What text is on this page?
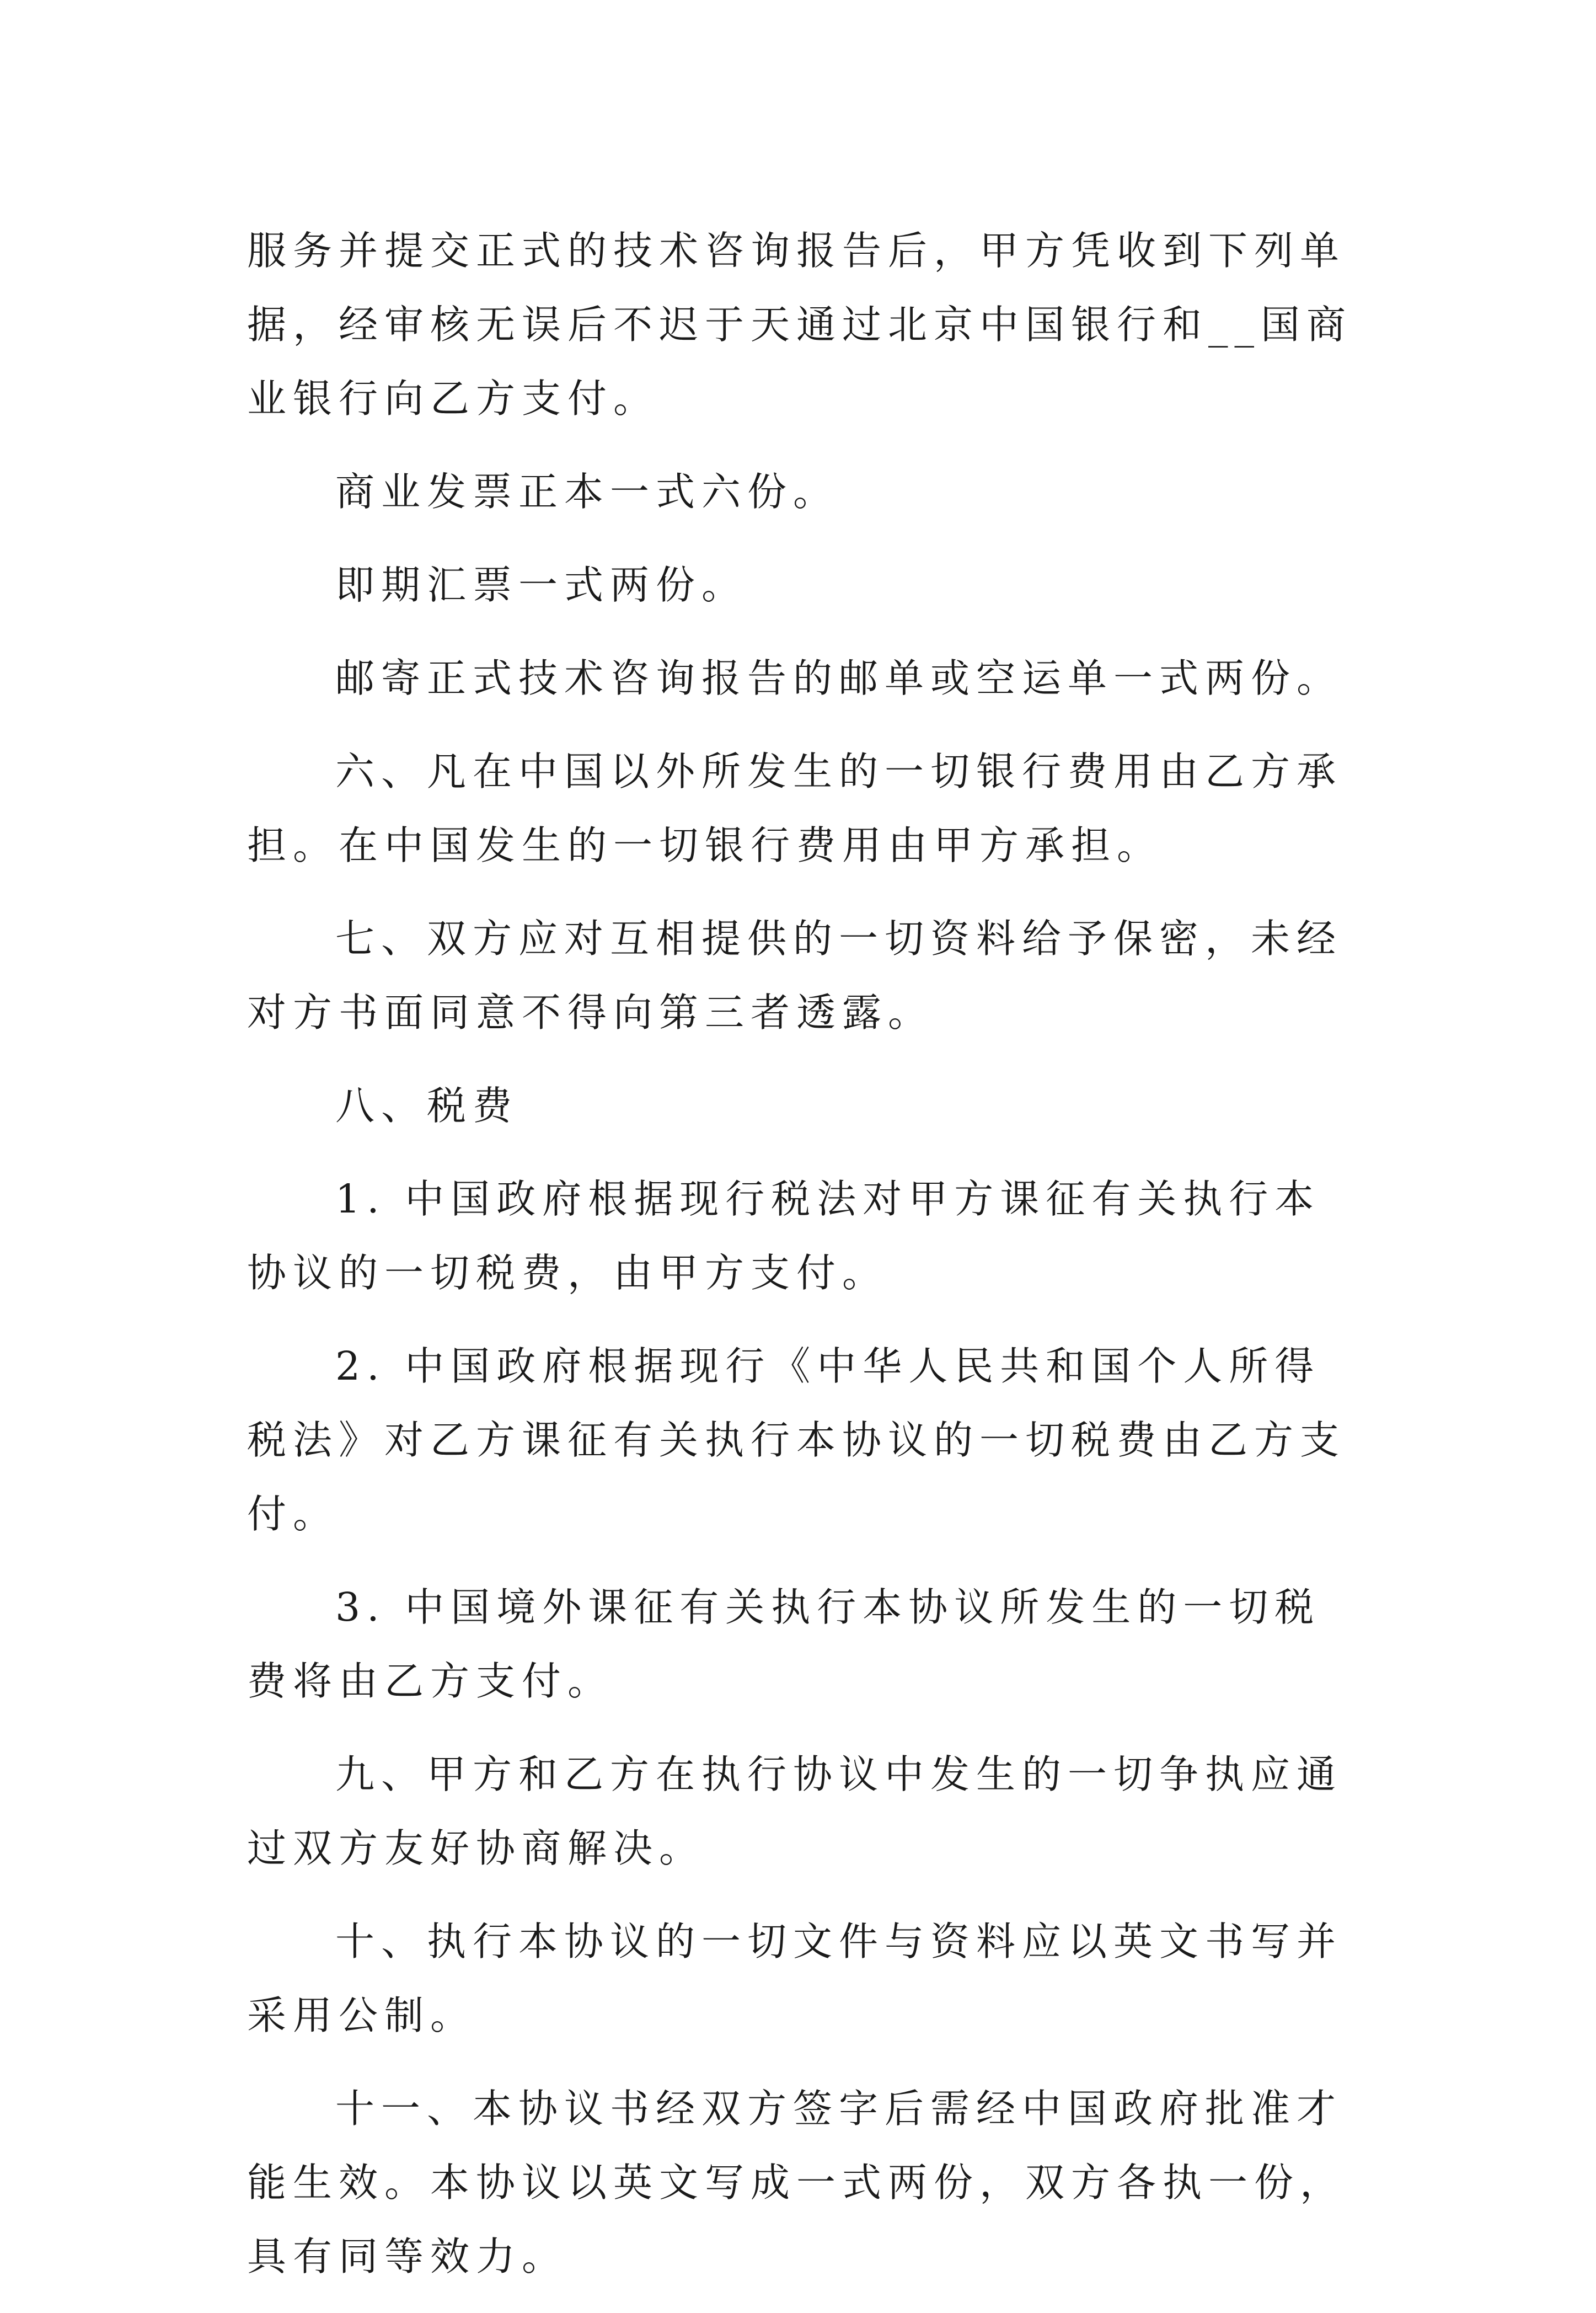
服务并提交正式的技术咨询报告后，甲方凭收到下列单据，经审核无误后不迟于天通过北京中国银行和__国商业银行向乙方支付。

商业发票正本一式六份。

即期汇票一式两份。

邮寄正式技术咨询报告的邮单或空运单一式两份。

六、凡在中国以外所发生的一切银行费用由乙方承担。在中国发生的一切银行费用由甲方承担。

七、双方应对互相提供的一切资料给予保密，未经对方书面同意不得向第三者透露。

八、税费

1. 中国政府根据现行税法对甲方课征有关执行本协议的一切税费，由甲方支付。

2. 中国政府根据现行《中华人民共和国个人所得税法》对乙方课征有关执行本协议的一切税费由乙方支付。

3. 中国境外课征有关执行本协议所发生的一切税费将由乙方支付。

九、甲方和乙方在执行协议中发生的一切争执应通过双方友好协商解决。

十、执行本协议的一切文件与资料应以英文书写并采用公制。

十一、本协议书经双方签字后需经中国政府批准才能生效。本协议以英文写成一式两份，双方各执一份，具有同等效力。
